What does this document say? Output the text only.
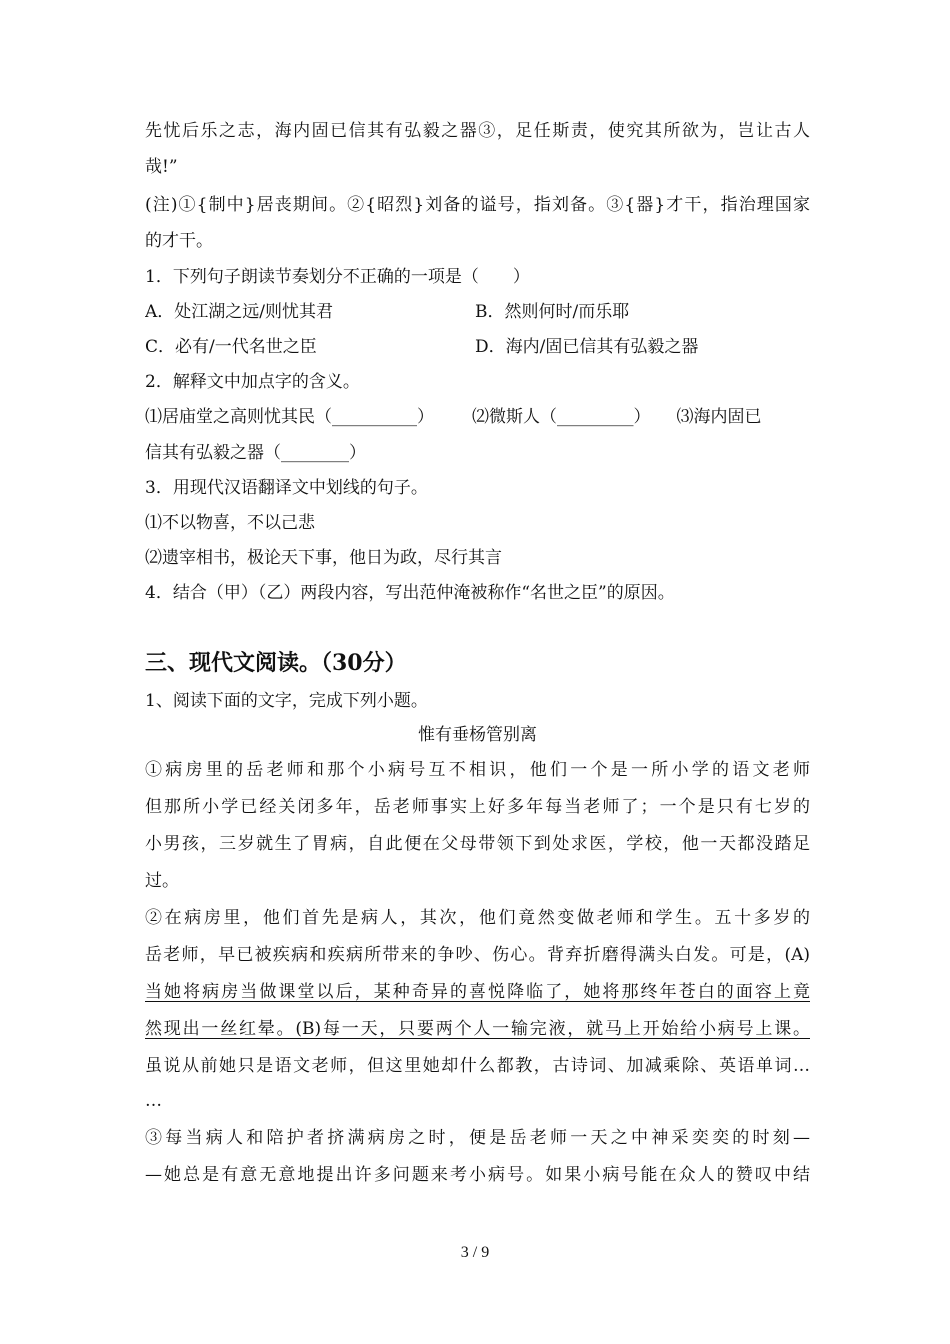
先忧后乐之志，海内固已信其有弘毅之器③，足任斯责，使究其所欲为，岂让古人
哉!”
(注)①{制中}居丧期间。②{昭烈}刘备的谥号，指刘备。③{器}才干，指治理国家
的才干。
1．下列句子朗读节奏划分不正确的一项是（　　）
A．处江湖之远/则忧其君	B．然则何时/而乐耶
C．必有/一代名世之臣	D．海内/固已信其有弘毅之器
2．解释文中加点字的含义。
⑴居庙堂之高则忧其民（__________） ⑵微斯人（_________） ⑶海内固已
信其有弘毅之器（________）
3．用现代汉语翻译文中划线的句子。
⑴不以物喜，不以己悲
⑵遗宰相书，极论天下事，他日为政，尽行其言
4．结合（甲）（乙）两段内容，写出范仲淹被称作“名世之臣”的原因。
三、现代文阅读。（30分）
1、阅读下面的文字，完成下列小题。
惟有垂杨管别离
①病房里的岳老师和那个小病号互不相识，他们一个是一所小学的语文老师
但那所小学已经关闭多年，岳老师事实上好多年每当老师了；一个是只有七岁的
小男孩，三岁就生了胃病，自此便在父母带领下到处求医，学校，他一天都没踏足
过。
②在病房里，他们首先是病人，其次，他们竟然变做老师和学生。五十多岁的
岳老师，早已被疾病和疾病所带来的争吵、伤心。背弃折磨得满头白发。可是，(A)
当她将病房当做课堂以后，某种奇异的喜悦降临了，她将那终年苍白的面容上竟
然现出一丝红晕。(B)每一天，只要两个人一输完液，就马上开始给小病号上课。
虽说从前她只是语文老师，但这里她却什么都教，古诗词、加减乘除、英语单词…
…
③每当病人和陪护者挤满病房之时，便是岳老师一天之中神采奕奕的时刻—
—她总是有意无意地提出许多问题来考小病号。如果小病号能在众人的赞叹中结
3 / 9
